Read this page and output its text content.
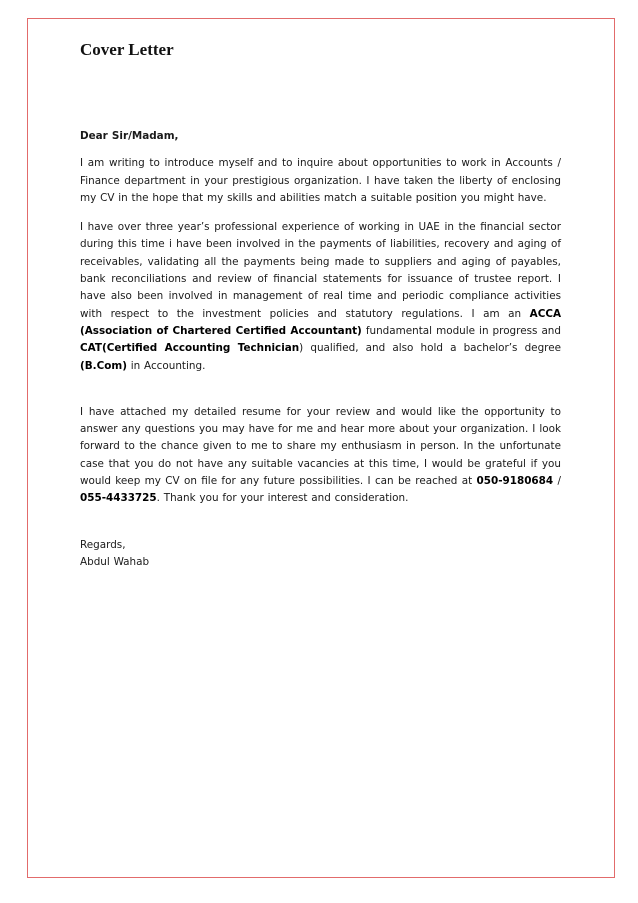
Cover Letter

Dear Sir/Madam,

I am writing to introduce myself and to inquire about opportunities to work in Accounts / Finance department in your prestigious organization. I have taken the liberty of enclosing my CV in the hope that my skills and abilities match a suitable position you might have.

I have over three year’s professional experience of working in UAE in the financial sector during this time i have been involved in the payments of liabilities, recovery and aging of receivables, validating all the payments being made to suppliers and aging of payables, bank reconciliations and review of financial statements for issuance of trustee report. I have also been involved in management of real time and periodic compliance activities with respect to the investment policies and statutory regulations. I am an ACCA (Association of Chartered Certified Accountant) fundamental module in progress and CAT(Certified Accounting Technician) qualified, and also hold a bachelor’s degree (B.Com) in Accounting.

I have attached my detailed resume for your review and would like the opportunity to answer any questions you may have for me and hear more about your organization. I look forward to the chance given to me to share my enthusiasm in person. In the unfortunate case that you do not have any suitable vacancies at this time, I would be grateful if you would keep my CV on file for any future possibilities. I can be reached at 050-9180684 / 055-4433725. Thank you for your interest and consideration.

Regards,

Abdul Wahab
